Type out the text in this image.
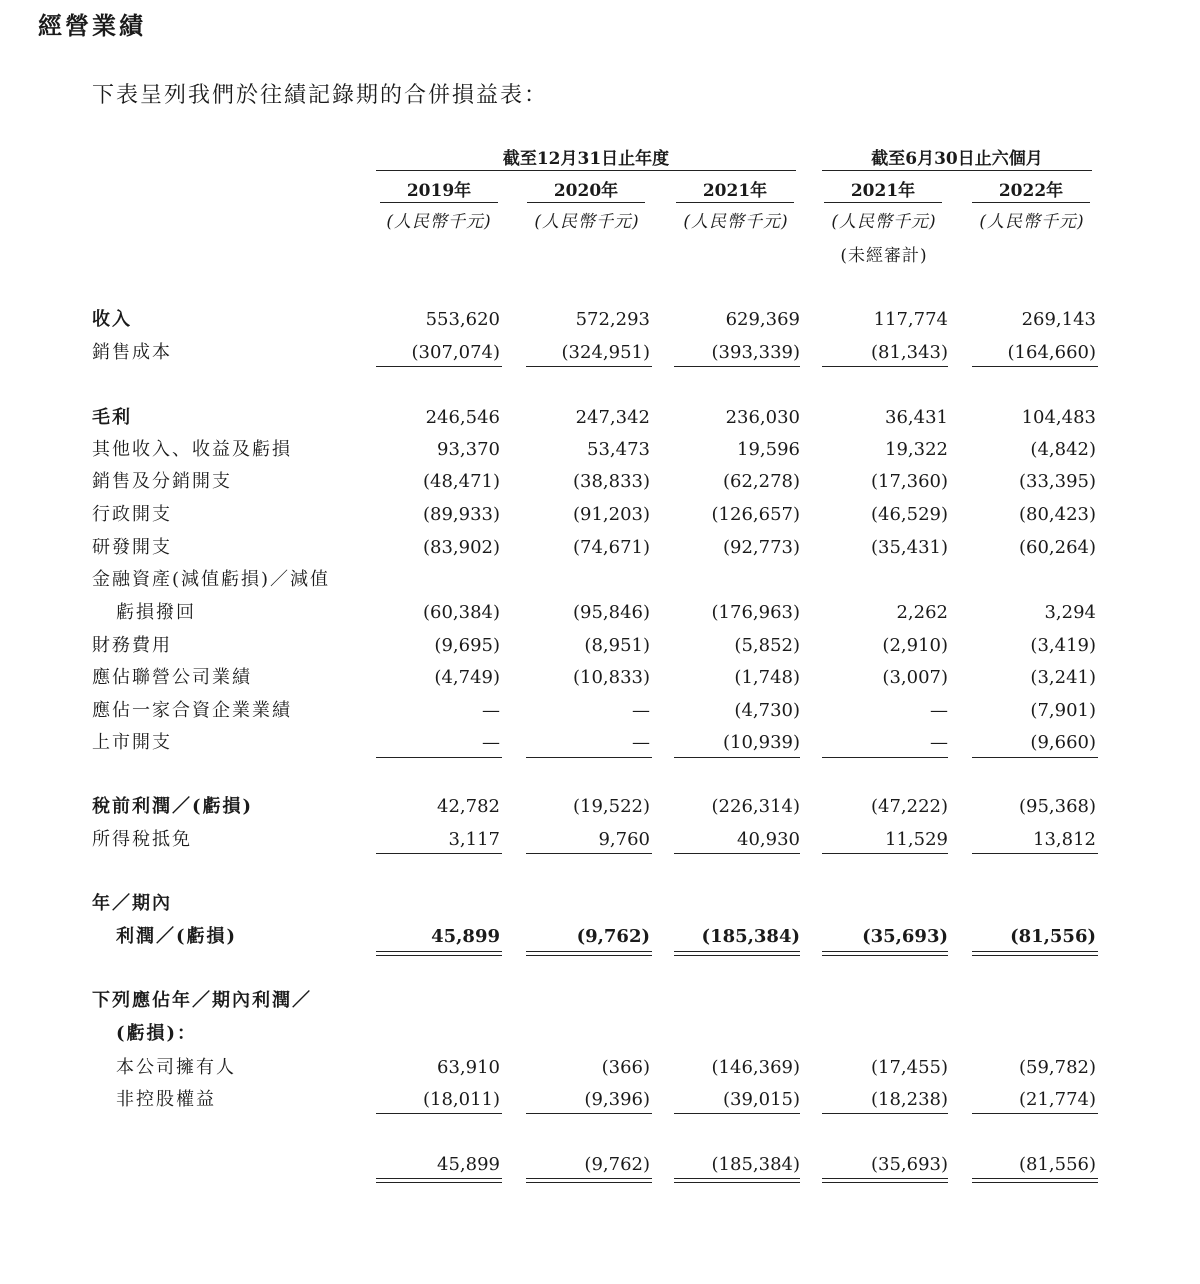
經營業績
下表呈列我們於往績記錄期的合併損益表：
截至12月31日止年度	截至6月30日止六個月
2019年	2020年	2021年	2021年	2022年
(人民幣千元)	(人民幣千元)	(人民幣千元)	(人民幣千元)	(人民幣千元)
(未經審計)
收入	553,620	572,293	629,369	117,774	269,143
銷售成本	(307,074)	(324,951)	(393,339)	(81,343)	(164,660)
毛利	246,546	247,342	236,030	36,431	104,483
其他收入、收益及虧損	93,370	53,473	19,596	19,322	(4,842)
銷售及分銷開支	(48,471)	(38,833)	(62,278)	(17,360)	(33,395)
行政開支	(89,933)	(91,203)	(126,657)	(46,529)	(80,423)
研發開支	(83,902)	(74,671)	(92,773)	(35,431)	(60,264)
金融資產(減值虧損)／減值
虧損撥回	(60,384)	(95,846)	(176,963)	2,262	3,294
財務費用	(9,695)	(8,951)	(5,852)	(2,910)	(3,419)
應佔聯營公司業績	(4,749)	(10,833)	(1,748)	(3,007)	(3,241)
應佔一家合資企業業績	—	—	(4,730)	—	(7,901)
上市開支	—	—	(10,939)	—	(9,660)
稅前利潤／(虧損)	42,782	(19,522)	(226,314)	(47,222)	(95,368)
所得稅抵免	3,117	9,760	40,930	11,529	13,812
年／期內
利潤／(虧損)	45,899	(9,762)	(185,384)	(35,693)	(81,556)
下列應佔年／期內利潤／
(虧損)：
本公司擁有人	63,910	(366)	(146,369)	(17,455)	(59,782)
非控股權益	(18,011)	(9,396)	(39,015)	(18,238)	(21,774)
45,899	(9,762)	(185,384)	(35,693)	(81,556)
